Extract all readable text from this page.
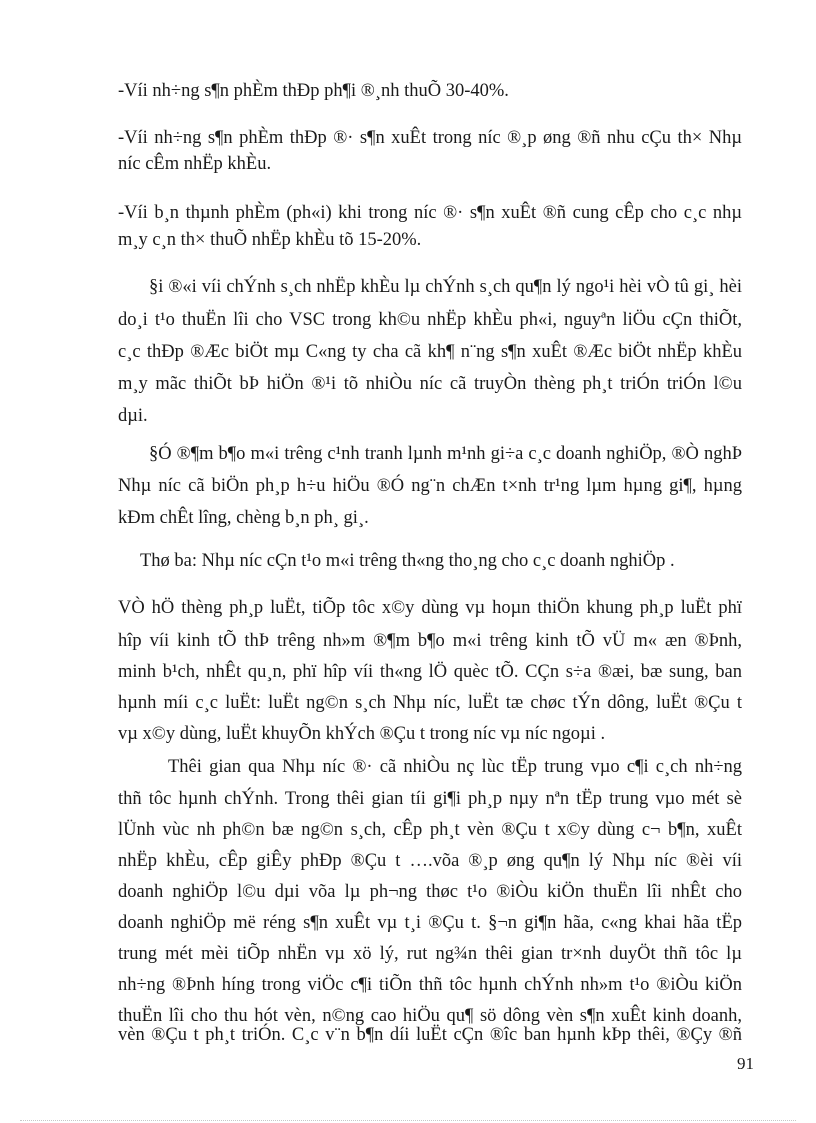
-Víi nh÷ng s¶n phÈm thÐp ph¶i ®¸nh thuÕ 30-40%.
-Víi nh÷ng s¶n phÈm thÐp ®· s¶n xuÊt trong níc ®¸p øng ®ñ nhu cÇu th× Nhµ
níc cÊm nhËp khÈu.
-Víi b¸n thµnh phÈm (ph«i) khi trong níc ®· s¶n xuÊt ®ñ cung cÊp cho c¸c nhµ
m¸y c¸n th× thuÕ nhËp khÈu tõ 15-20%.
§i ®«i víi chÝnh s¸ch nhËp khÈu lµ chÝnh s¸ch qu¶n lý ngo¹i hèi vÒ tû gi¸ hèi
do¸i t¹o thuËn lîi cho VSC trong kh©u nhËp khÈu ph«i, nguyªn liÖu cÇn thiÕt,
c¸c thÐp ®Æc biÖt mµ C«ng ty cha cã kh¶ n¨ng s¶n xuÊt ®Æc biÖt nhËp khÈu
m¸y mãc thiÕt bÞ hiÖn ®¹i tõ nhiÒu níc cã truyÒn thèng ph¸t triÓn triÓn l©u
dµi.
§Ó ®¶m b¶o m«i trêng c¹nh tranh lµnh m¹nh gi÷a c¸c doanh nghiÖp, ®Ò nghÞ
Nhµ níc cã biÖn ph¸p h÷u hiÖu ®Ó ng¨n chÆn t×nh tr¹ng lµm hµng gi¶, hµng
kÐm chÊt lîng, chèng b¸n ph¸ gi¸.
Thø ba: Nhµ níc cÇn t¹o m«i trêng th«ng tho¸ng cho c¸c doanh nghiÖp .
VÒ hÖ thèng ph¸p luËt, tiÕp tôc x©y dùng vµ hoµn thiÖn khung ph¸p luËt phï
hîp víi kinh tÕ thÞ trêng nh»m ®¶m b¶o m«i trêng kinh tÕ vÜ m« æn ®Þnh,
minh b¹ch, nhÊt qu¸n, phï hîp víi th«ng lÖ quèc tÕ. CÇn s÷a ®æi, bæ sung, ban
hµnh míi c¸c luËt: luËt ng©n s¸ch Nhµ níc, luËt tæ chøc tÝn dông, luËt ®Çu t
vµ x©y dùng, luËt khuyÕn khÝch ®Çu t trong níc vµ níc ngoµi .
Thêi gian qua Nhµ níc ®· cã nhiÒu nç lùc tËp trung vµo c¶i c¸ch nh÷ng
thñ tôc hµnh chÝnh. Trong thêi gian tíi gi¶i ph¸p nµy nªn tËp trung vµo mét sè
lÜnh vùc nh ph©n bæ ng©n s¸ch, cÊp ph¸t vèn ®Çu t x©y dùng c¬ b¶n, xuÊt
nhËp khÈu, cÊp giÊy phÐp ®Çu t ….võa ®¸p øng qu¶n lý Nhµ níc ®èi víi
doanh nghiÖp l©u dµi võa lµ ph¬ng thøc t¹o ®iÒu kiÖn thuËn lîi nhÊt cho
doanh nghiÖp më réng s¶n xuÊt vµ t¸i ®Çu t. §¬n gi¶n hãa, c«ng khai hãa tËp
trung mét mèi tiÕp nhËn vµ xö lý, rut ng¾n thêi gian tr×nh duyÖt thñ tôc lµ
nh÷ng ®Þnh híng trong viÖc c¶i tiÕn thñ tôc hµnh chÝnh nh»m t¹o ®iÒu kiÖn
thuËn lîi cho thu hót vèn, n©ng cao hiÖu qu¶ sö dông vèn s¶n xuÊt kinh doanh,
vèn ®Çu t ph¸t triÓn. C¸c v¨n b¶n díi luËt cÇn ®îc ban hµnh kÞp thêi, ®Çy ®ñ
91
